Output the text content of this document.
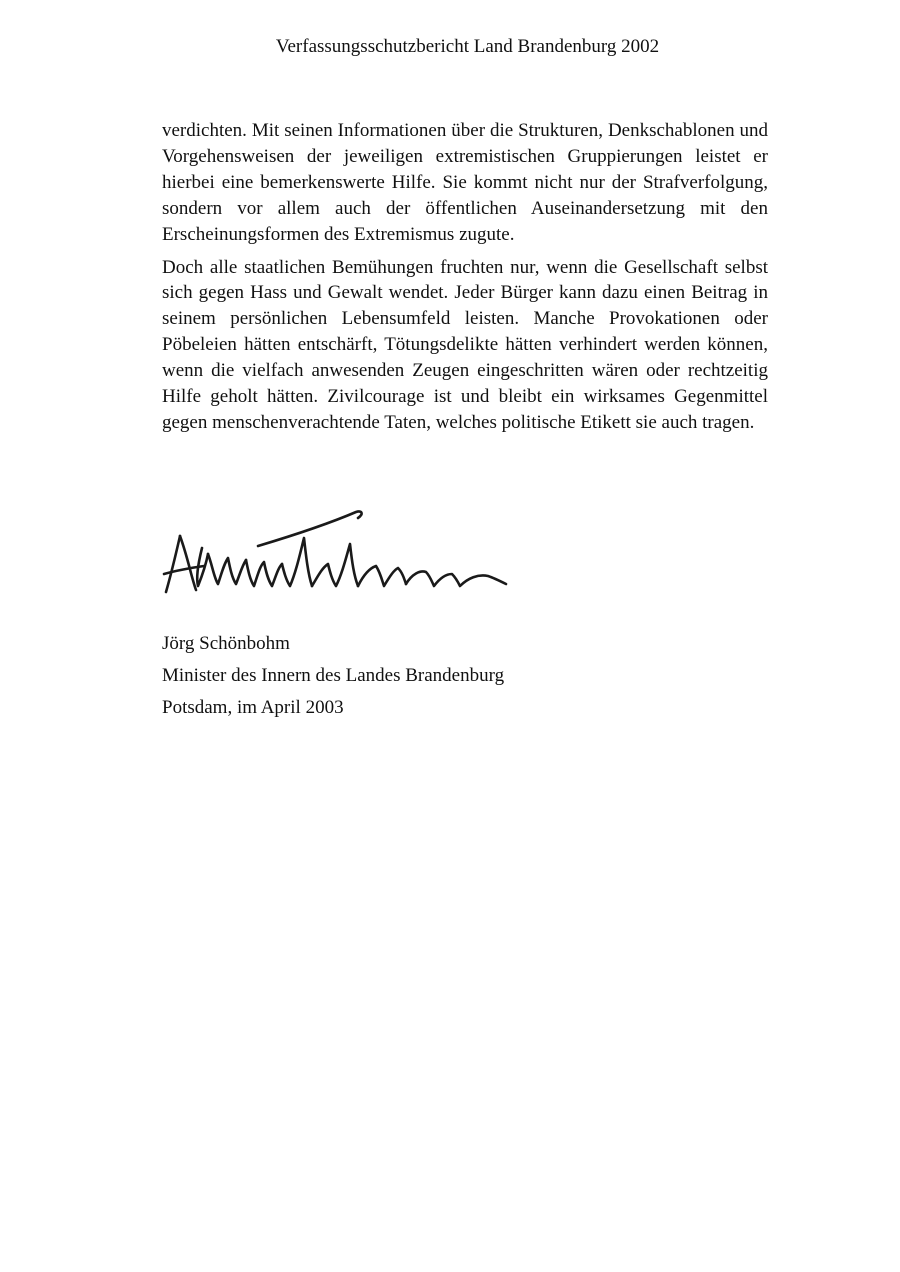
Verfassungsschutzbericht Land Brandenburg 2002

verdichten. Mit seinen Informationen über die Strukturen, Denkschablonen und Vorgehensweisen der jeweiligen extremistischen Gruppierungen leistet er hierbei eine bemerkenswerte Hilfe. Sie kommt nicht nur der Strafverfolgung, sondern vor allem auch der öffentlichen Auseinandersetzung mit den Erscheinungsformen des Extremismus zugute.

Doch alle staatlichen Bemühungen fruchten nur, wenn die Gesellschaft selbst sich gegen Hass und Gewalt wendet. Jeder Bürger kann dazu einen Beitrag in seinem persönlichen Lebensumfeld leisten. Manche Provokationen oder Pöbeleien hätten entschärft, Tötungsdelikte hätten verhindert werden können, wenn die vielfach anwesenden Zeugen eingeschritten wären oder rechtzeitig Hilfe geholt hätten. Zivilcourage ist und bleibt ein wirksames Gegenmittel gegen menschenverachtende Taten, welches politische Etikett sie auch tragen.

Jörg Schönbohm
Minister des Innern des Landes Brandenburg
Potsdam, im April 2003
